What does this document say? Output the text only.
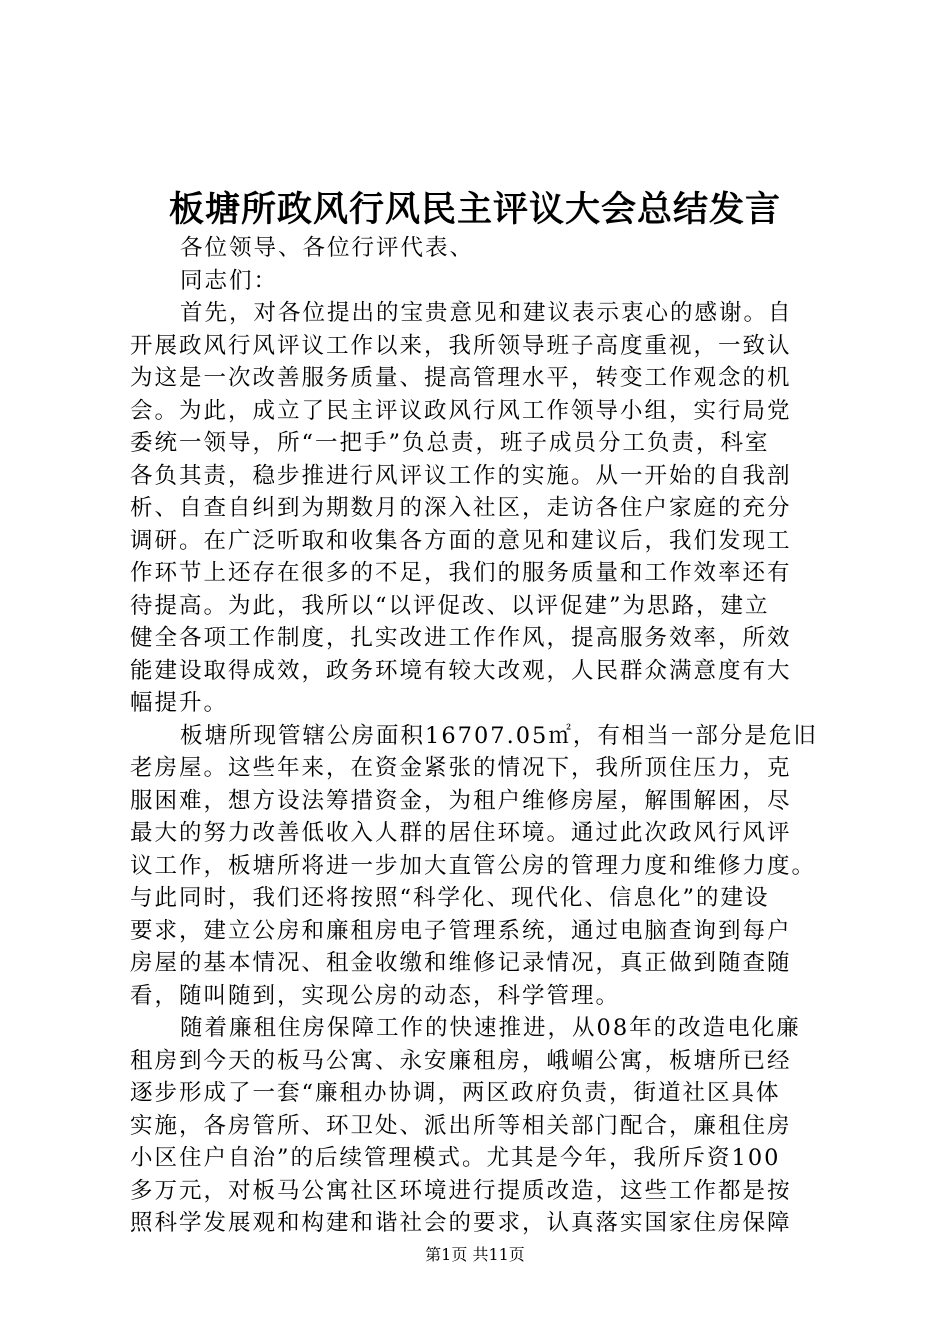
板塘所政风行风民主评议大会总结发言
各位领导、各位行评代表、
同志们：
首先，对各位提出的宝贵意见和建议表示衷心的感谢。自
开展政风行风评议工作以来，我所领导班子高度重视，一致认
为这是一次改善服务质量、提高管理水平，转变工作观念的机
会。为此，成立了民主评议政风行风工作领导小组，实行局党
委统一领导，所“一把手”负总责，班子成员分工负责，科室
各负其责，稳步推进行风评议工作的实施。从一开始的自我剖
析、自查自纠到为期数月的深入社区，走访各住户家庭的充分
调研。在广泛听取和收集各方面的意见和建议后，我们发现工
作环节上还存在很多的不足，我们的服务质量和工作效率还有
待提高。为此，我所以“以评促改、以评促建”为思路，建立
健全各项工作制度，扎实改进工作作风，提高服务效率，所效
能建设取得成效，政务环境有较大改观，人民群众满意度有大
幅提升。
板塘所现管辖公房面积16707.05㎡，有相当一部分是危旧
老房屋。这些年来，在资金紧张的情况下，我所顶住压力，克
服困难，想方设法筹措资金，为租户维修房屋，解围解困，尽
最大的努力改善低收入人群的居住环境。通过此次政风行风评
议工作，板塘所将进一步加大直管公房的管理力度和维修力度。
与此同时，我们还将按照“科学化、现代化、信息化”的建设
要求，建立公房和廉租房电子管理系统，通过电脑查询到每户
房屋的基本情况、租金收缴和维修记录情况，真正做到随查随
看，随叫随到，实现公房的动态，科学管理。
随着廉租住房保障工作的快速推进，从08年的改造电化廉
租房到今天的板马公寓、永安廉租房，峨嵋公寓，板塘所已经
逐步形成了一套“廉租办协调，两区政府负责，街道社区具体
实施，各房管所、环卫处、派出所等相关部门配合，廉租住房
小区住户自治”的后续管理模式。尤其是今年，我所斥资100
多万元，对板马公寓社区环境进行提质改造，这些工作都是按
照科学发展观和构建和谐社会的要求，认真落实国家住房保障
第1页 共11页
